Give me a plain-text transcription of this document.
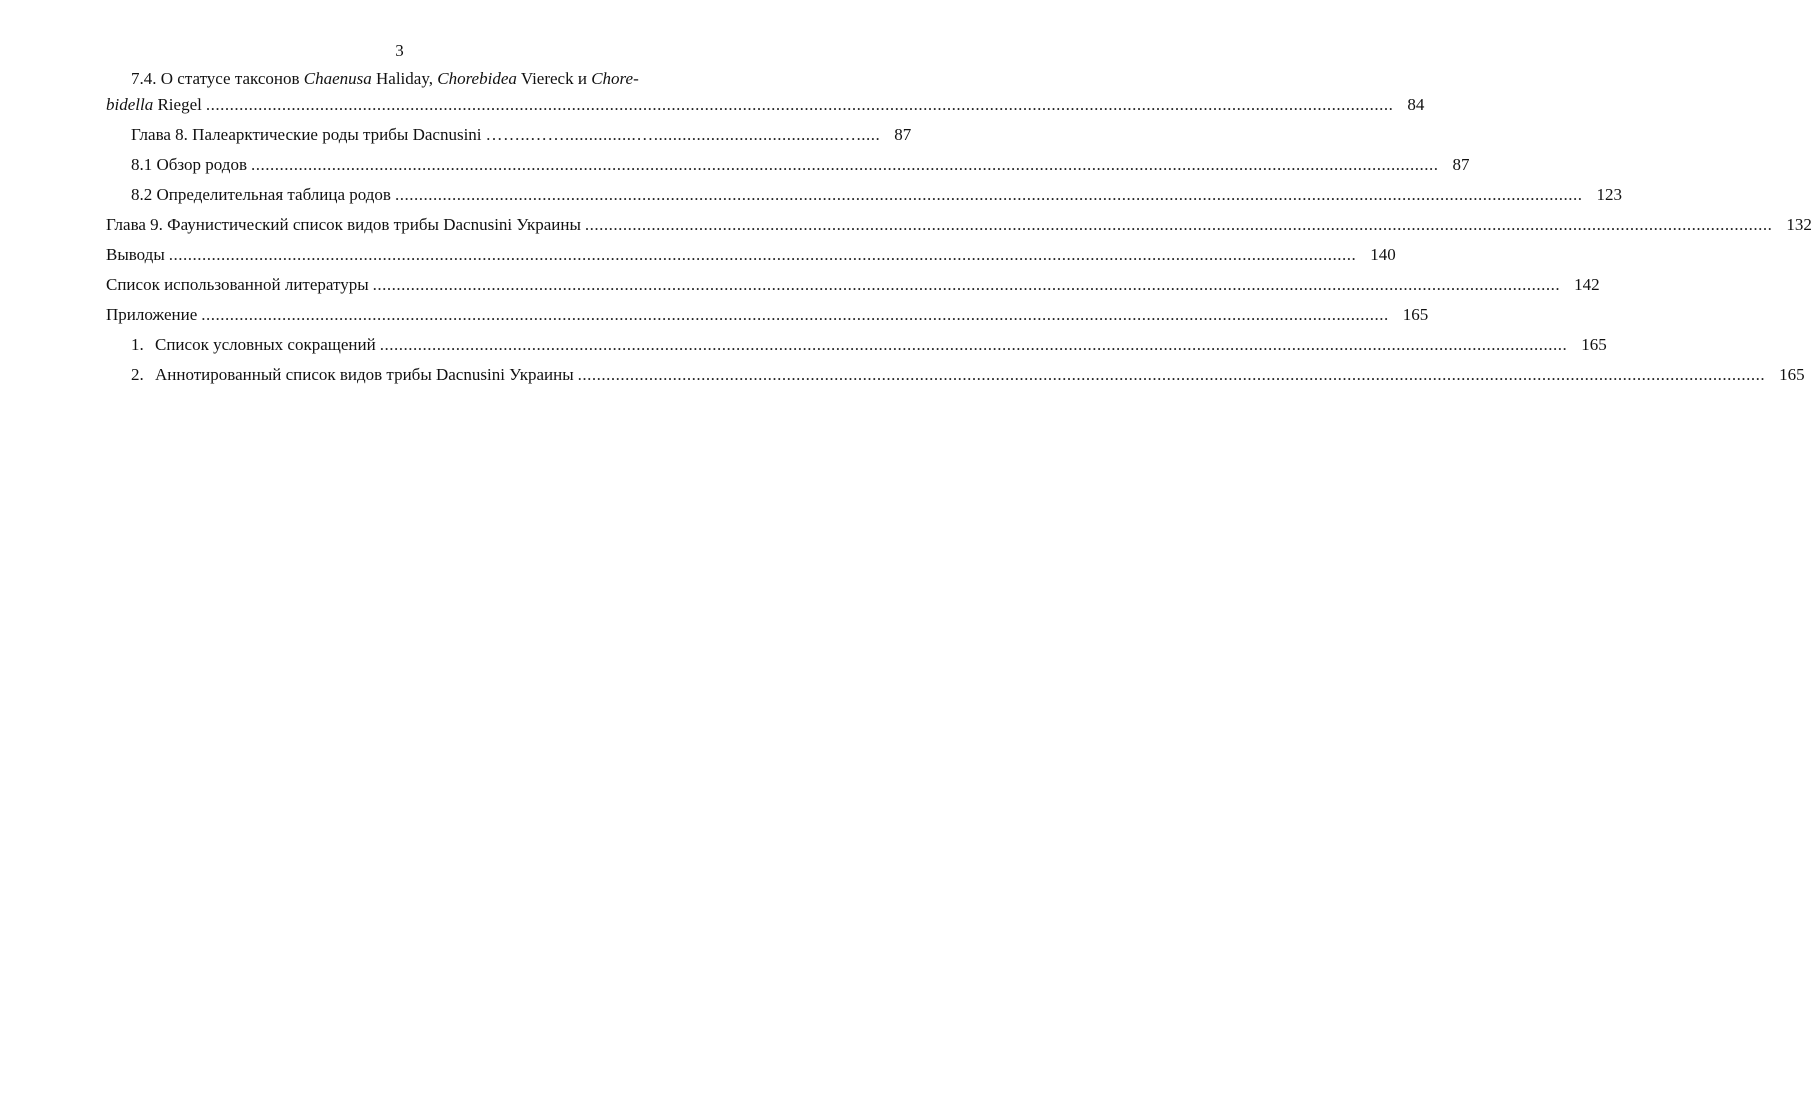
3
7.4. О статусе таксонов Chaenusa Haliday, Chorebidea Viereck и Chore-
bidella Riegel .....	84
Глава 8. Палеарктические роды трибы Dacnusini ……..……...............….......................................…..... 87
8.1 Обзор родов .....	87
8.2 Определительная таблица родов .....	123
Глава 9. Фаунистический список видов трибы Dacnusini Украины .....	132
Выводы .....	140
Список использованной литературы .....	142
Приложение .....	165
1. Список условных сокращений .....	165
2. Аннотированный список видов трибы Dacnusini Украины .....	165
